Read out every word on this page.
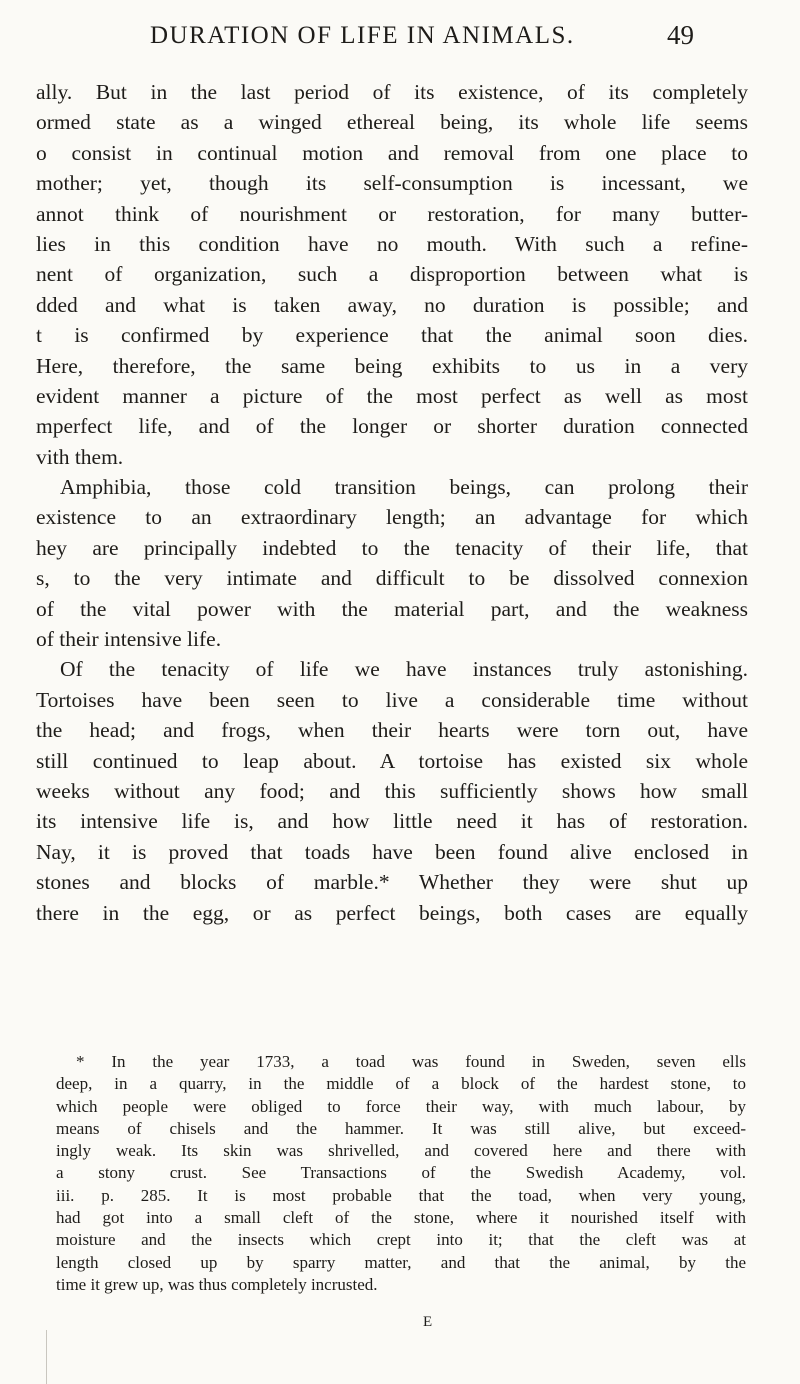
DURATION OF LIFE IN ANIMALS.	49
ally. But in the last period of its existence, of its completely
ormed state as a winged ethereal being, its whole life seems
o consist in continual motion and removal from one place to
mother; yet, though its self-consumption is incessant, we
annot think of nourishment or restoration, for many butter-
lies in this condition have no mouth. With such a refine-
nent of organization, such a disproportion between what is
dded and what is taken away, no duration is possible; and
t is confirmed by experience that the animal soon dies.
Here, therefore, the same being exhibits to us in a very
evident manner a picture of the most perfect as well as most
mperfect life, and of the longer or shorter duration connected
vith them.
Amphibia, those cold transition beings, can prolong their
existence to an extraordinary length; an advantage for which
hey are principally indebted to the tenacity of their life, that
s, to the very intimate and difficult to be dissolved connexion
of the vital power with the material part, and the weakness
of their intensive life.
Of the tenacity of life we have instances truly astonishing.
Tortoises have been seen to live a considerable time without
the head; and frogs, when their hearts were torn out, have
still continued to leap about. A tortoise has existed six whole
weeks without any food; and this sufficiently shows how small
its intensive life is, and how little need it has of restoration.
Nay, it is proved that toads have been found alive enclosed in
stones and blocks of marble.* Whether they were shut up
there in the egg, or as perfect beings, both cases are equally
* In the year 1733, a toad was found in Sweden, seven ells
deep, in a quarry, in the middle of a block of the hardest stone, to
which people were obliged to force their way, with much labour, by
means of chisels and the hammer. It was still alive, but exceed-
ingly weak. Its skin was shrivelled, and covered here and there with
a stony crust. See Transactions of the Swedish Academy, vol.
iii. p. 285. It is most probable that the toad, when very young,
had got into a small cleft of the stone, where it nourished itself with
moisture and the insects which crept into it; that the cleft was at
length closed up by sparry matter, and that the animal, by the
time it grew up, was thus completely incrusted.
E
